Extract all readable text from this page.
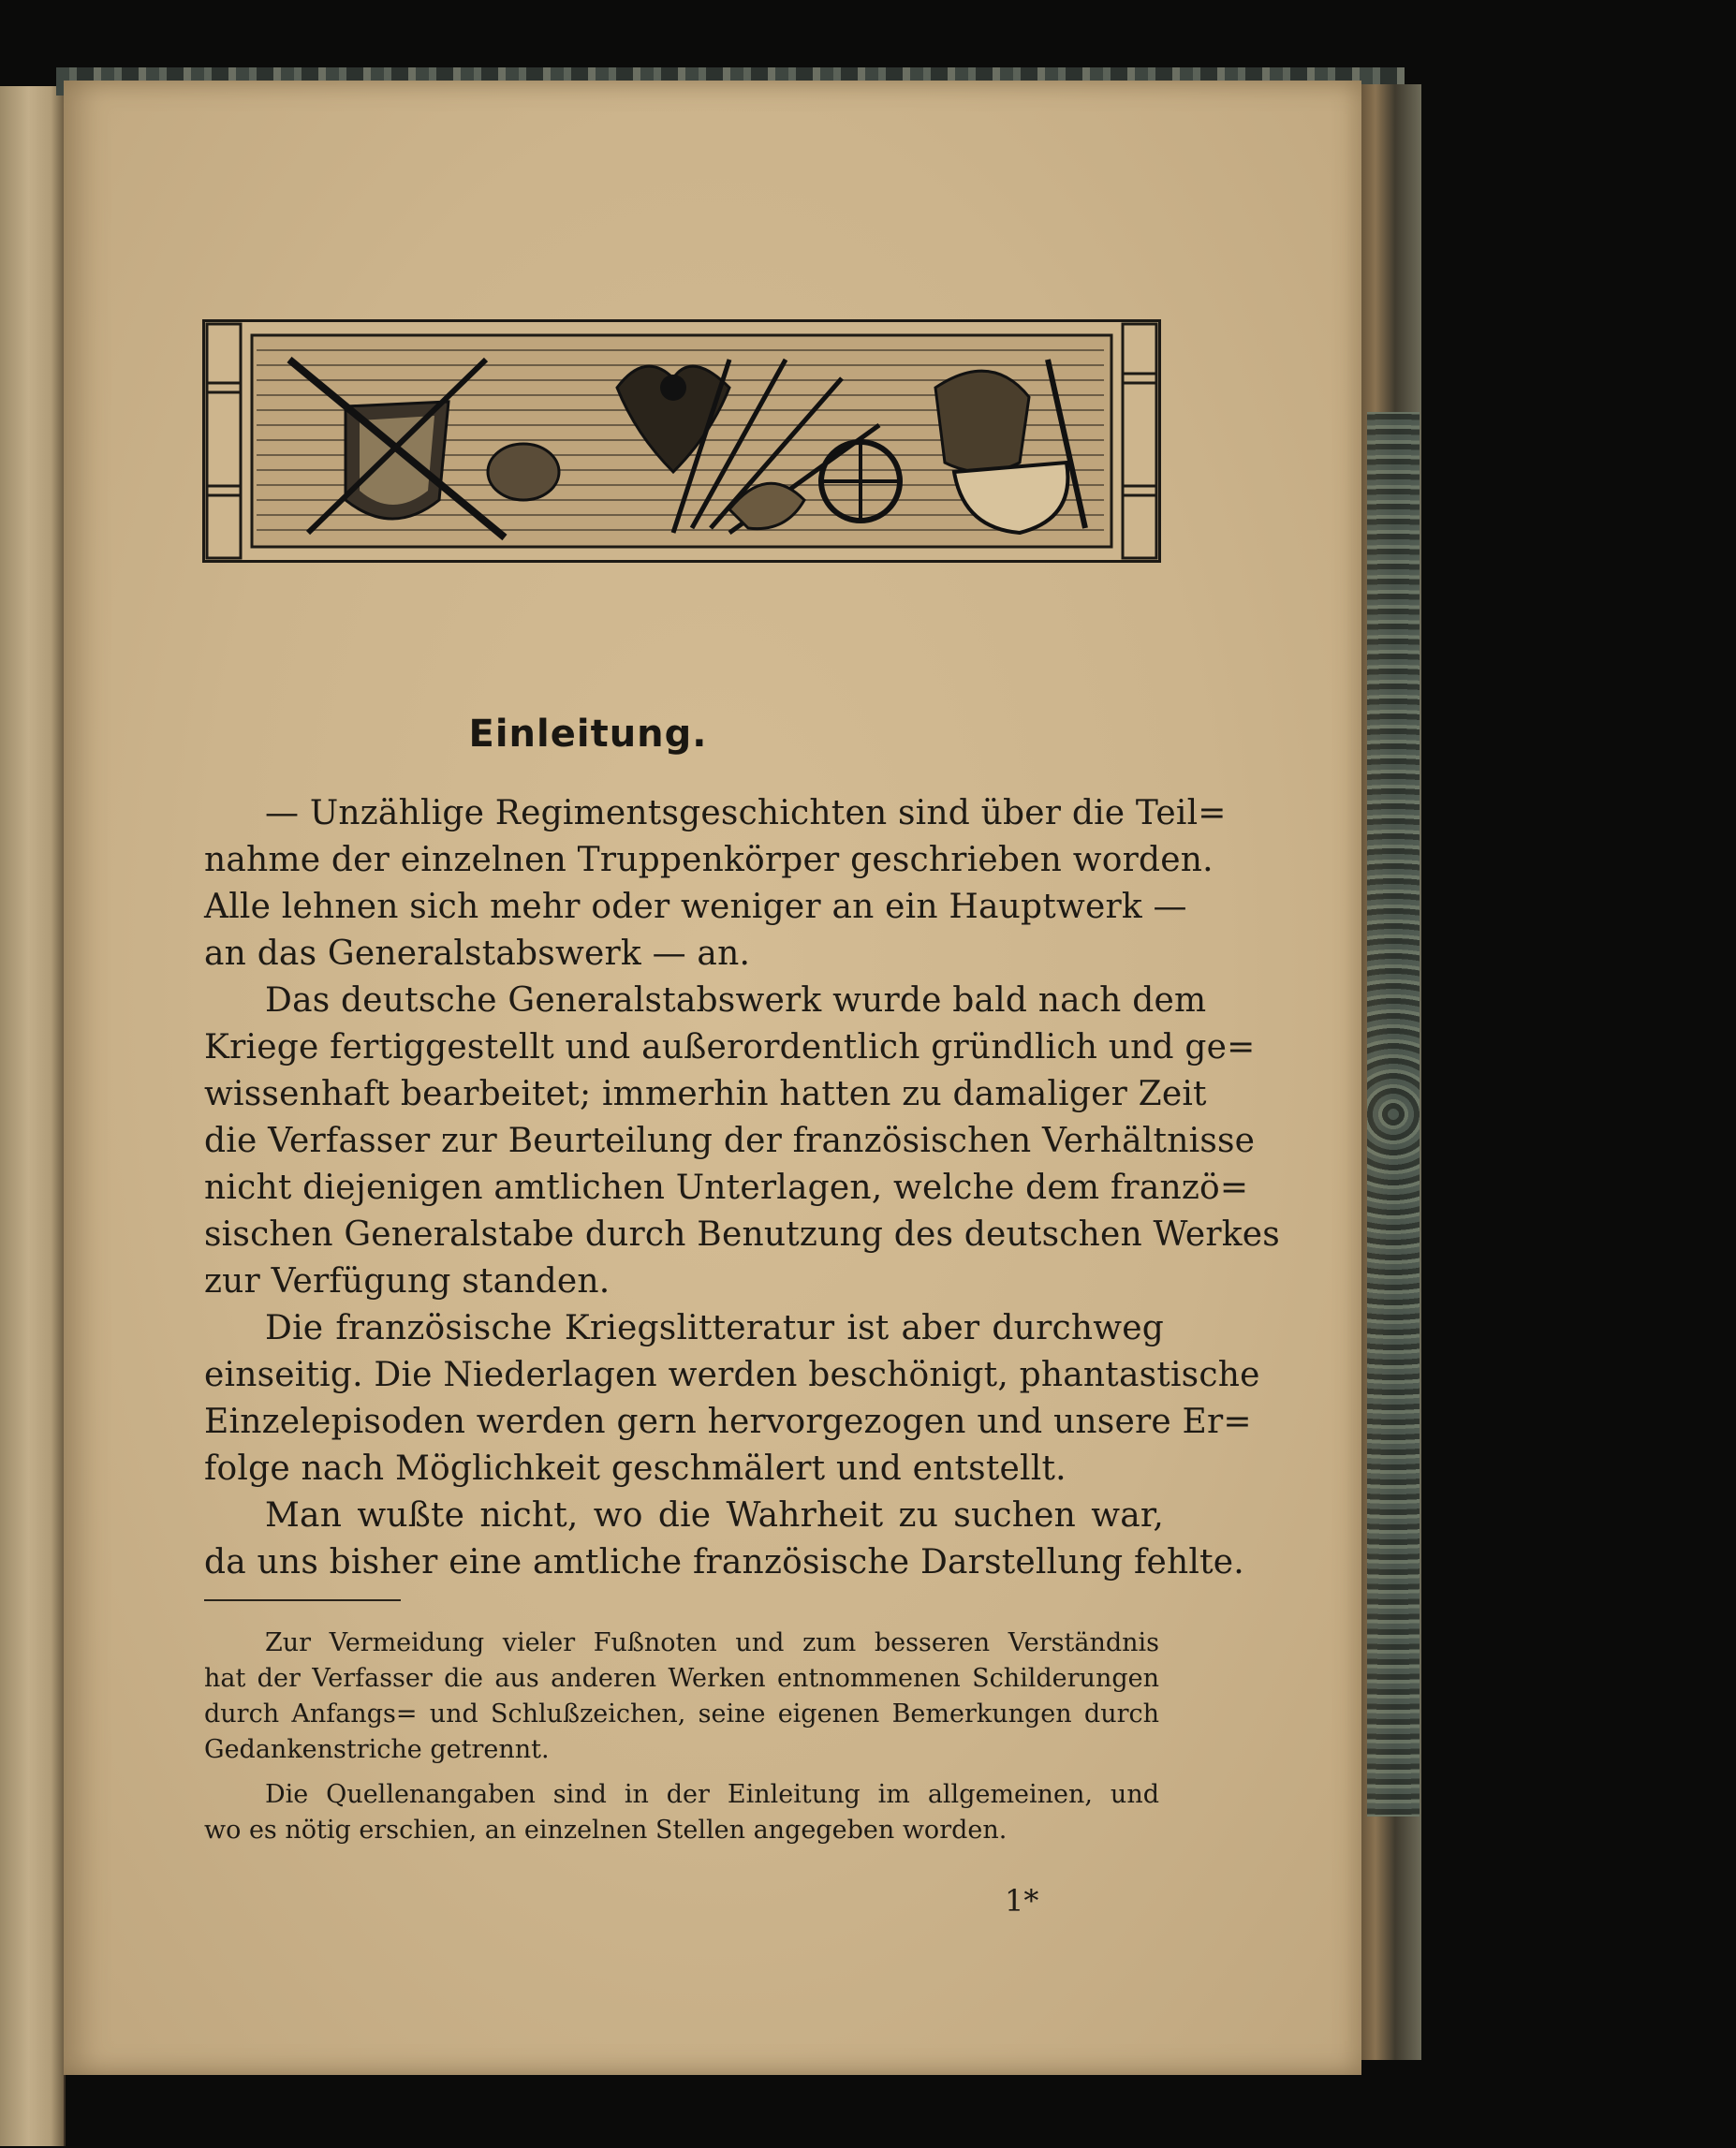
Einleitung.
— Unzählige Regimentsgeschichten sind über die Teil=
nahme der einzelnen Truppenkörper geschrieben worden.
Alle lehnen sich mehr oder weniger an ein Hauptwerk —
an das Generalstabswerk — an.
Das deutsche Generalstabswerk wurde bald nach dem
Kriege fertiggestellt und außerordentlich gründlich und ge=
wissenhaft bearbeitet; immerhin hatten zu damaliger Zeit
die Verfasser zur Beurteilung der französischen Verhältnisse
nicht diejenigen amtlichen Unterlagen, welche dem franzö=
sischen Generalstabe durch Benutzung des deutschen Werkes
zur Verfügung standen.
Die französische Kriegslitteratur ist aber durchweg
einseitig. Die Niederlagen werden beschönigt, phantastische
Einzelepisoden werden gern hervorgezogen und unsere Er=
folge nach Möglichkeit geschmälert und entstellt.
Man wußte nicht, wo die Wahrheit zu suchen war,
da uns bisher eine amtliche französische Darstellung fehlte.
Zur Vermeidung vieler Fußnoten und zum besseren Verständnis
hat der Verfasser die aus anderen Werken entnommenen Schilderungen
durch Anfangs= und Schlußzeichen, seine eigenen Bemerkungen durch
Gedankenstriche getrennt.
Die Quellenangaben sind in der Einleitung im allgemeinen, und
wo es nötig erschien, an einzelnen Stellen angegeben worden.
1*
